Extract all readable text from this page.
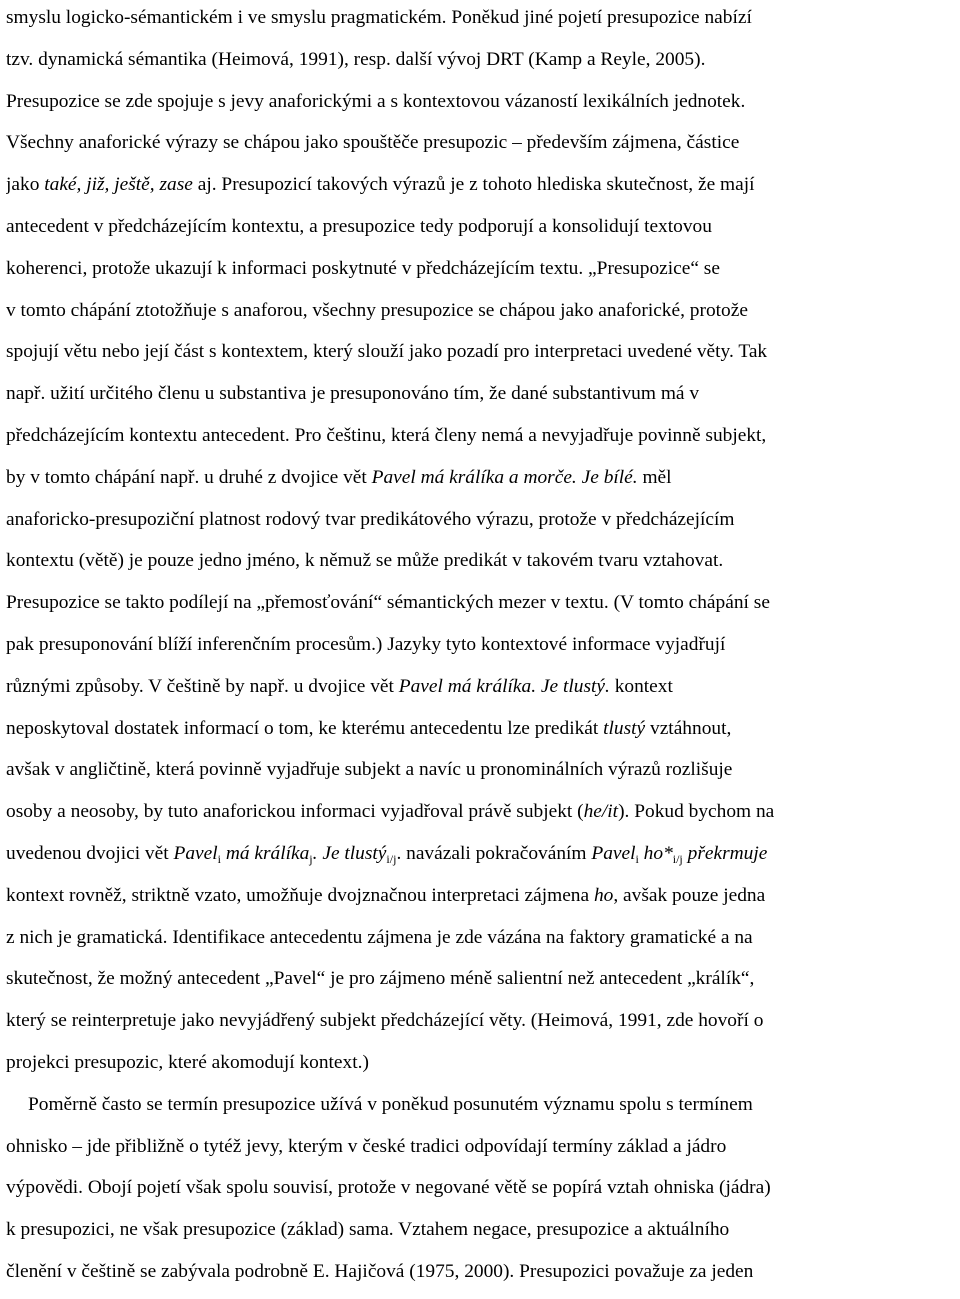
smyslu logicko-sémantickém i ve smyslu pragmatickém. Poněkud jiné pojetí presupozice nabízí
tzv. dynamická sémantika (Heimová, 1991), resp. další vývoj DRT (Kamp a Reyle, 2005).
Presupozice se zde spojuje s jevy anaforickými a s kontextovou vázaností lexikálních jednotek.
Všechny anaforické výrazy se chápou jako spouštěče presupozic – především zájmena, částice
jako také, již, ještě, zase aj. Presupozicí takových výrazů je z tohoto hlediska skutečnost, že mají
antecedent v předcházejícím kontextu, a presupozice tedy podporují a konsolidují textovou
koherenci, protože ukazují k informaci poskytnuté v předcházejícím textu. „Presupozice“ se
v tomto chápání ztotožňuje s anaforou, všechny presupozice se chápou jako anaforické, protože
spojují větu nebo její část s kontextem, který slouží jako pozadí pro interpretaci uvedené věty. Tak
např. užití určitého členu u substantiva je presuponováno tím, že dané substantivum má v
předcházejícím kontextu antecedent. Pro češtinu, která členy nemá a nevyjadřuje povinně subjekt,
by v tomto chápání např. u druhé z dvojice vět Pavel má králíka a morče. Je bílé. měl
anaforicko-presupoziční platnost rodový tvar predikátového výrazu, protože v předcházejícím
kontextu (větě) je pouze jedno jméno, k němuž se může predikát v takovém tvaru vztahovat.
Presupozice se takto podílejí na „přemosťování“ sémantických mezer v textu. (V tomto chápání se
pak presuponování blíží inferenčním procesům.) Jazyky tyto kontextové informace vyjadřují
různými způsoby. V češtině by např. u dvojice vět Pavel má králíka. Je tlustý. kontext
neposkytoval dostatek informací o tom, ke kterému antecedentu lze predikát tlustý vztáhnout,
avšak v angličtině, která povinně vyjadřuje subjekt a navíc u pronominálních výrazů rozlišuje
osoby a neosoby, by tuto anaforickou informaci vyjadřoval právě subjekt (he/it). Pokud bychom na
uvedenou dvojici vět Pavel$_i$ má králíka$_j$. Je tlustý$_{i/j}$. navázali pokračováním Pavel$_i$ $ho*_{i/j}$ překrmuje
kontext rovněž, striktně vzato, umožňuje dvojznačnou interpretaci zájmena ho, avšak pouze jedna
z nich je gramatická. Identifikace antecedentu zájmena je zde vázána na faktory gramatické a na
skutečnost, že možný antecedent „Pavel“ je pro zájmeno méně salientní než antecedent „králík“,
který se reinterpretuje jako nevyjádřený subjekt předcházející věty. (Heimová, 1991, zde hovoří o
projekci presupozic, které akomodují kontext.)
Poměrně často se termín presupozice užívá v poněkud posunutém významu spolu s termínem
ohnisko – jde přibližně o tytéž jevy, kterým v české tradici odpovídají termíny základ a jádro
výpovědi. Obojí pojetí však spolu souvisí, protože v negované větě se popírá vztah ohniska (jádra)
k presupozici, ne však presupozice (základ) sama. Vztahem negace, presupozice a aktuálního
členění v češtině se zabývala podrobně E. Hajičová (1975, 2000). Presupozici považuje za jeden
